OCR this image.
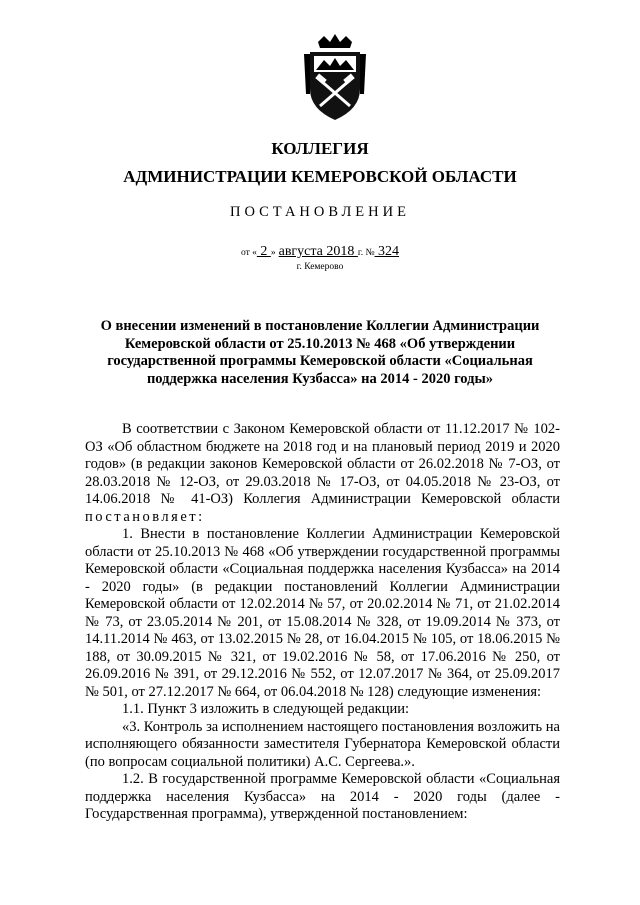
КОЛЛЕГИЯ
АДМИНИСТРАЦИИ КЕМЕРОВСКОЙ ОБЛАСТИ
ПОСТАНОВЛЕНИЕ
от « 2 » августа 2018 г. № 324
г. Кемерово
О внесении изменений в постановление Коллегии Администрации Кемеровской области от 25.10.2013 № 468 «Об утверждении государственной программы Кемеровской области «Социальная поддержка населения Кузбасса» на 2014 - 2020 годы»

В соответствии с Законом Кемеровской области от 11.12.2017 № 102-ОЗ «Об областном бюджете на 2018 год и на плановый период 2019 и 2020 годов» (в редакции законов Кемеровской области от 26.02.2018 № 7-ОЗ, от 28.03.2018 № 12-ОЗ, от 29.03.2018 № 17-ОЗ, от 04.05.2018 № 23-ОЗ, от 14.06.2018 № 41-ОЗ) Коллегия Администрации Кемеровской области постановляет:

1. Внести в постановление Коллегии Администрации Кемеровской области от 25.10.2013 № 468 «Об утверждении государственной программы Кемеровской области «Социальная поддержка населения Кузбасса» на 2014 - 2020 годы» (в редакции постановлений Коллегии Администрации Кемеровской области от 12.02.2014 № 57, от 20.02.2014 № 71, от 21.02.2014 № 73, от 23.05.2014 № 201, от 15.08.2014 № 328, от 19.09.2014 № 373, от 14.11.2014 № 463, от 13.02.2015 № 28, от 16.04.2015 № 105, от 18.06.2015 № 188, от 30.09.2015 № 321, от 19.02.2016 № 58, от 17.06.2016 № 250, от 26.09.2016 № 391, от 29.12.2016 № 552, от 12.07.2017 № 364, от 25.09.2017 № 501, от 27.12.2017 № 664, от 06.04.2018 № 128) следующие изменения:

1.1. Пункт 3 изложить в следующей редакции:

«3. Контроль за исполнением настоящего постановления возложить на исполняющего обязанности заместителя Губернатора Кемеровской области (по вопросам социальной политики) А.С. Сергеева.».

1.2. В государственной программе Кемеровской области «Социальная поддержка населения Кузбасса» на 2014 - 2020 годы (далее - Государственная программа), утвержденной постановлением:
